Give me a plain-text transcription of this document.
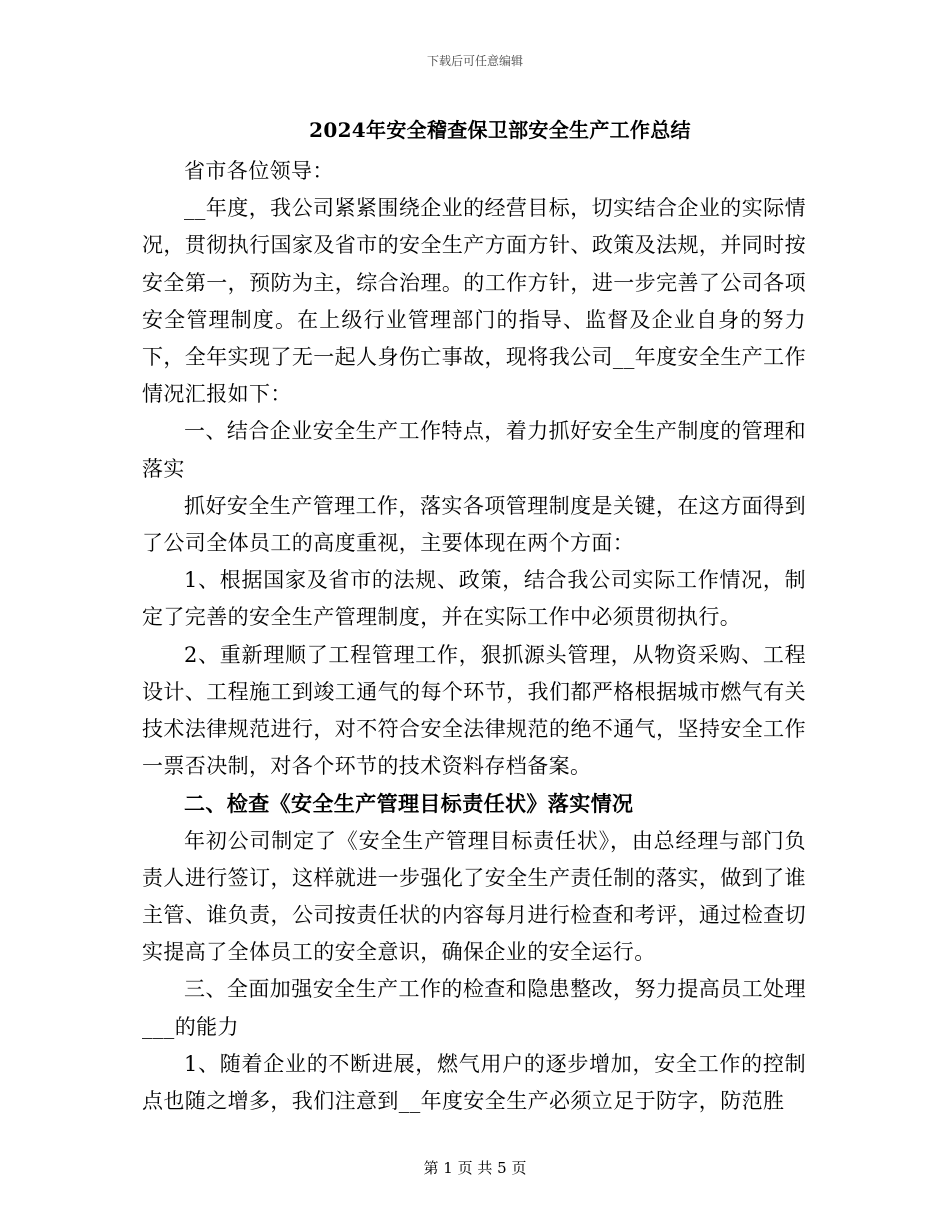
下载后可任意编辑
2024年安全稽查保卫部安全生产工作总结

省市各位领导：

__年度，我公司紧紧围绕企业的经营目标，切实结合企业的实际情况，贯彻执行国家及省市的安全生产方面方针、政策及法规，并同时按安全第一，预防为主，综合治理。的工作方针，进一步完善了公司各项安全管理制度。在上级行业管理部门的指导、监督及企业自身的努力下，全年实现了无一起人身伤亡事故，现将我公司__年度安全生产工作情况汇报如下：

一、结合企业安全生产工作特点，着力抓好安全生产制度的管理和落实

抓好安全生产管理工作，落实各项管理制度是关键，在这方面得到了公司全体员工的高度重视，主要体现在两个方面：

1、根据国家及省市的法规、政策，结合我公司实际工作情况，制定了完善的安全生产管理制度，并在实际工作中必须贯彻执行。

2、重新理顺了工程管理工作，狠抓源头管理，从物资采购、工程设计、工程施工到竣工通气的每个环节，我们都严格根据城市燃气有关技术法律规范进行，对不符合安全法律规范的绝不通气，坚持安全工作一票否决制，对各个环节的技术资料存档备案。

二、检查《安全生产管理目标责任状》落实情况

年初公司制定了《安全生产管理目标责任状》，由总经理与部门负责人进行签订，这样就进一步强化了安全生产责任制的落实，做到了谁主管、谁负责，公司按责任状的内容每月进行检查和考评，通过检查切实提高了全体员工的安全意识，确保企业的安全运行。

三、全面加强安全生产工作的检查和隐患整改，努力提高员工处理___的能力

1、随着企业的不断进展，燃气用户的逐步增加，安全工作的控制点也随之增多，我们注意到__年度安全生产必须立足于防字，防范胜

第 1 页 共 5 页
